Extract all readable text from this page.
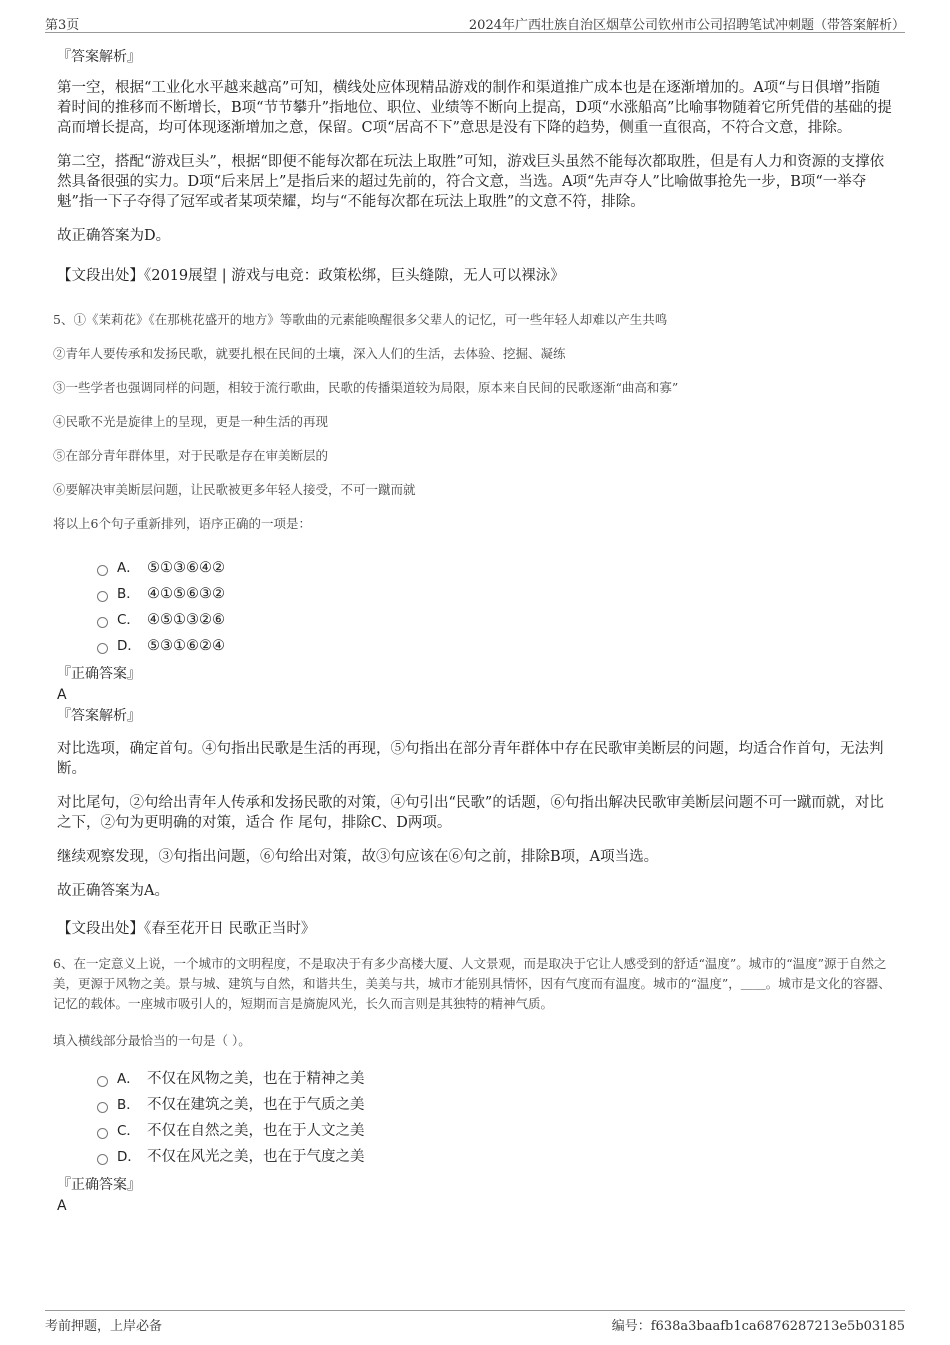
第3页	2024年广西壮族自治区烟草公司钦州市公司招聘笔试冲刺题（带答案解析）
『答案解析』

第一空，根据“工业化水平越来越高”可知，横线处应体现精品游戏的制作和渠道推广成本也是在逐渐增加的。A项“与日俱增”指随着时间的推移而不断增长，B项“节节攀升”指地位、职位、业绩等不断向上提高，D项“水涨船高”比喻事物随着它所凭借的基础的提高而增长提高，均可体现逐渐增加之意，保留。C项“居高不下”意思是没有下降的趋势，侧重一直很高，不符合文意，排除。

第二空，搭配“游戏巨头”，根据“即便不能每次都在玩法上取胜”可知，游戏巨头虽然不能每次都取胜，但是有人力和资源的支撑依然具备很强的实力。D项“后来居上”是指后来的超过先前的，符合文意，当选。A项“先声夺人”比喻做事抢先一步，B项“一举夺魁”指一下子夺得了冠军或者某项荣耀，均与“不能每次都在玩法上取胜”的文意不符，排除。

故正确答案为D。

【文段出处】《2019展望 | 游戏与电竞：政策松绑，巨头缝隙，无人可以裸泳》

5、①《茉莉花》《在那桃花盛开的地方》等歌曲的元素能唤醒很多父辈人的记忆，可一些年轻人却难以产生共鸣

②青年人要传承和发扬民歌，就要扎根在民间的土壤，深入人们的生活，去体验、挖掘、凝练

③一些学者也强调同样的问题，相较于流行歌曲，民歌的传播渠道较为局限，原本来自民间的民歌逐渐“曲高和寡”

④民歌不光是旋律上的呈现，更是一种生活的再现

⑤在部分青年群体里，对于民歌是存在审美断层的

⑥要解决审美断层问题，让民歌被更多年轻人接受，不可一蹴而就

将以上6个句子重新排列，语序正确的一项是：

A． ⑤①③⑥④②
B． ④①⑤⑥③②
C． ④⑤①③②⑥
D． ⑤③①⑥②④
『正确答案』
A
『答案解析』

对比选项，确定首句。④句指出民歌是生活的再现，⑤句指出在部分青年群体中存在民歌审美断层的问题，均适合作首句，无法判断。

对比尾句，②句给出青年人传承和发扬民歌的对策，④句引出“民歌”的话题，⑥句指出解决民歌审美断层问题不可一蹴而就，对比之下，②句为更明确的对策，适合 作 尾句，排除C、D两项。

继续观察发现，③句指出问题，⑥句给出对策，故③句应该在⑥句之前，排除B项，A项当选。

故正确答案为A。

【文段出处】《春至花开日 民歌正当时》

6、在一定意义上说，一个城市的文明程度，不是取决于有多少高楼大厦、人文景观，而是取决于它让人感受到的舒适“温度”。城市的“温度”源于自然之美，更源于风物之美。景与城、建筑与自然，和谐共生，美美与共，城市才能别具情怀，因有气度而有温度。城市的“温度”，＿＿。城市是文化的容器、记忆的载体。一座城市吸引人的，短期而言是旖旎风光，长久而言则是其独特的精神气质。

填入横线部分最恰当的一句是（ ）。

A． 不仅在风物之美，也在于精神之美
B． 不仅在建筑之美，也在于气质之美
C． 不仅在自然之美，也在于人文之美
D． 不仅在风光之美，也在于气度之美
『正确答案』
A
考前押题，上岸必备	编号：f638a3baafb1ca6876287213e5b03185
